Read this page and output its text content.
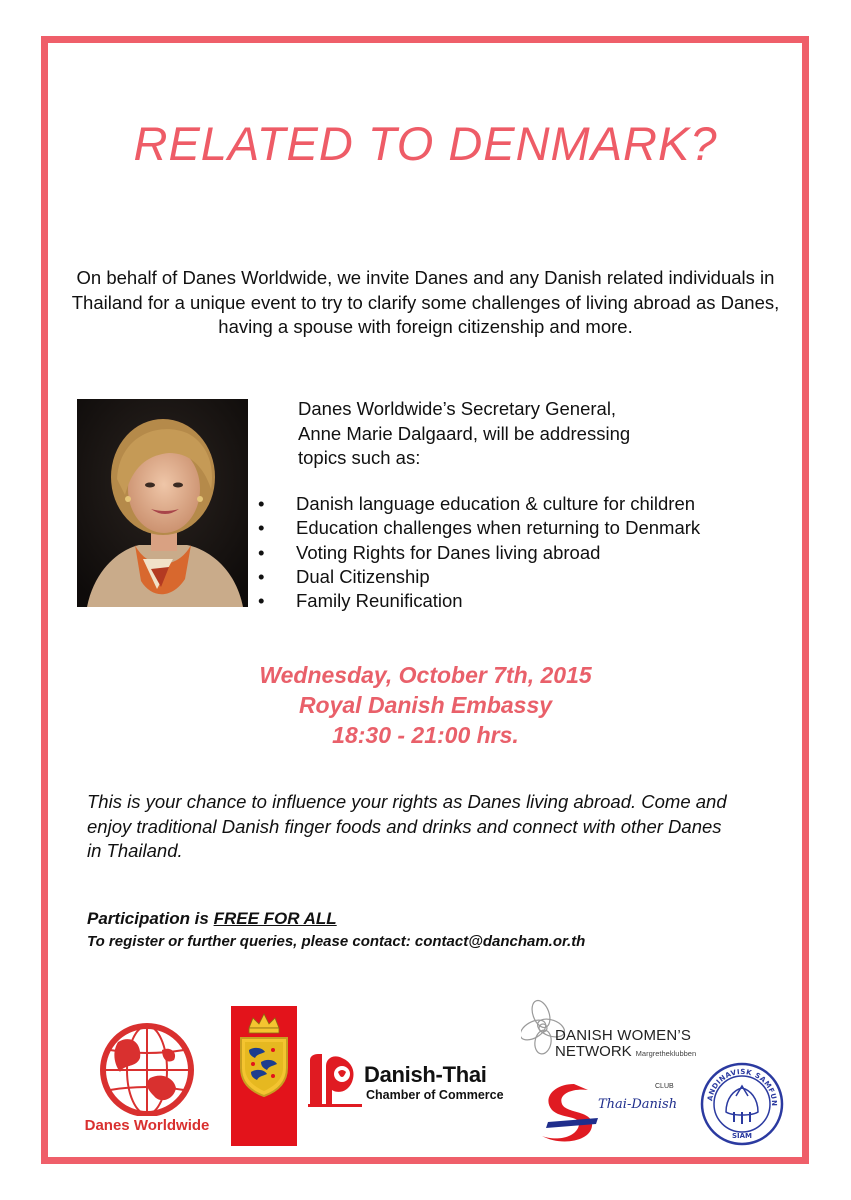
RELATED TO DENMARK?

On behalf of Danes Worldwide, we invite Danes and any Danish related individuals in Thailand for a unique event to try to clarify some challenges of living abroad as Danes, having a spouse with foreign citizenship and more.

Danes Worldwide’s Secretary General,
Anne Marie Dalgaard, will be addressing
topics such as:
• Danish language education & culture for children
• Education challenges when returning to Denmark
• Voting Rights for Danes living abroad
• Dual Citizenship
• Family Reunification
Wednesday, October 7th, 2015
Royal Danish Embassy
18:30 - 21:00 hrs.

This is your chance to influence your rights as Danes living abroad. Come and enjoy traditional Danish finger foods and drinks and connect with other Danes in Thailand.

Participation is FREE FOR ALL
To register or further queries, please contact: contact@dancham.or.th
Danes Worldwide
Danish-Thai
Chamber of Commerce
DANISH WOMEN’S
NETWORK Margretheklubben
CLUB
Thai-Danish	ANDINAVISK SAMFUN
SIAM
